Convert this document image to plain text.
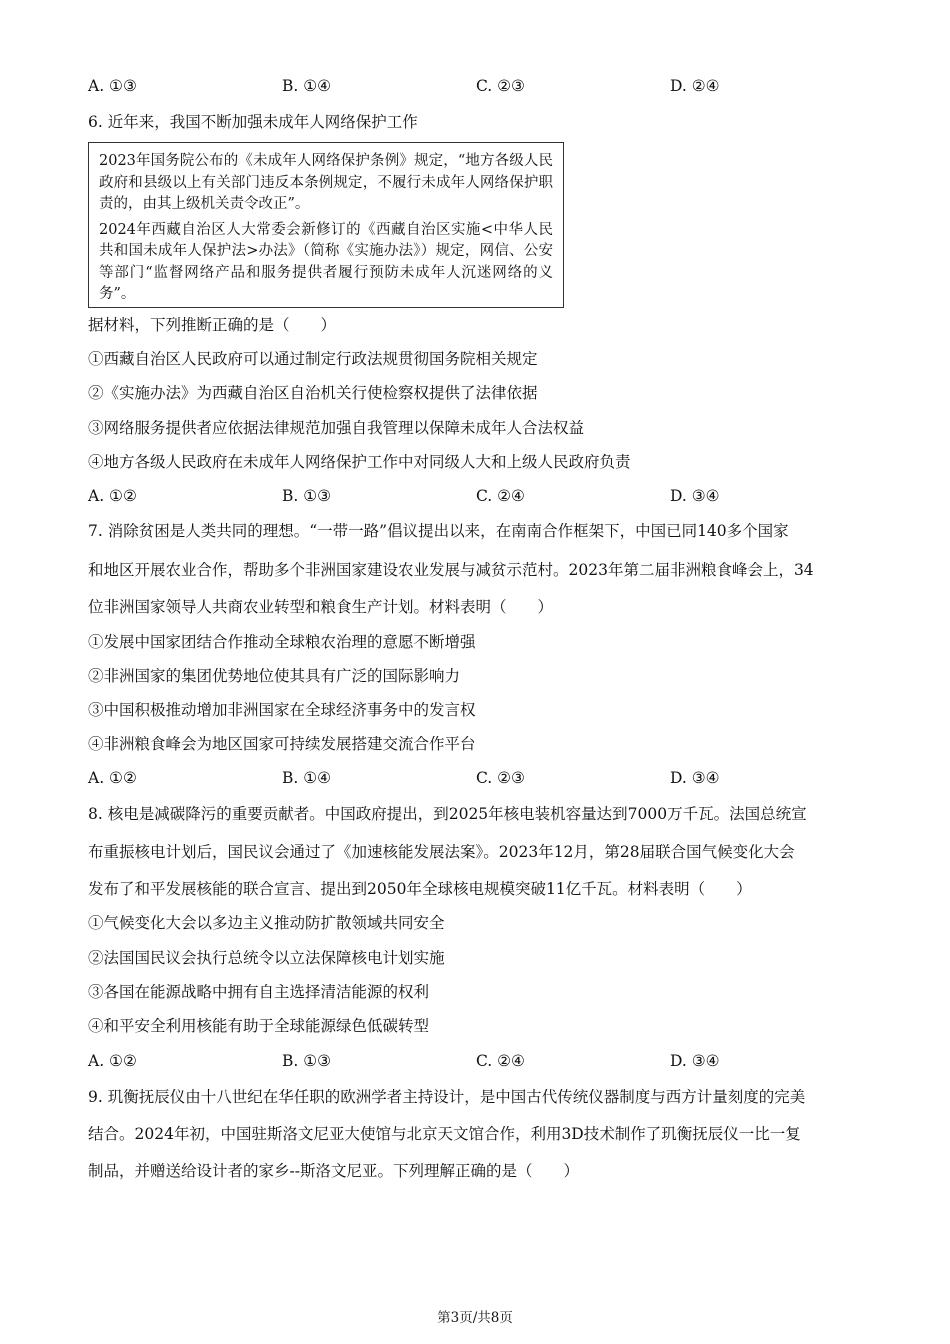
A. ①③	B. ①④	C. ②③	D. ②④
6. 近年来，我国不断加强未成年人网络保护工作

2023年国务院公布的《未成年人网络保护条例》规定，“地方各级人民政府和县级以上有关部门违反本条例规定，不履行未成年人网络保护职责的，由其上级机关责令改正”。

2024年西藏自治区人大常委会新修订的《西藏自治区实施<中华人民共和国未成年人保护法>办法》（简称《实施办法》）规定，网信、公安等部门“监督网络产品和服务提供者履行预防未成年人沉迷网络的义务”。

据材料，下列推断正确的是（　　）
①西藏自治区人民政府可以通过制定行政法规贯彻国务院相关规定
②《实施办法》为西藏自治区自治机关行使检察权提供了法律依据
③网络服务提供者应依据法律规范加强自我管理以保障未成年人合法权益
④地方各级人民政府在未成年人网络保护工作中对同级人大和上级人民政府负责
A. ①②	B. ①③	C. ②④	D. ③④
7. 消除贫困是人类共同的理想。“一带一路”倡议提出以来，在南南合作框架下，中国已同140多个国家
和地区开展农业合作，帮助多个非洲国家建设农业发展与减贫示范村。2023年第二届非洲粮食峰会上，34
位非洲国家领导人共商农业转型和粮食生产计划。材料表明（　　）
①发展中国家团结合作推动全球粮农治理的意愿不断增强
②非洲国家的集团优势地位使其具有广泛的国际影响力
③中国积极推动增加非洲国家在全球经济事务中的发言权
④非洲粮食峰会为地区国家可持续发展搭建交流合作平台
A. ①②	B. ①④	C. ②③	D. ③④
8. 核电是减碳降污的重要贡献者。中国政府提出，到2025年核电装机容量达到7000万千瓦。法国总统宣
布重振核电计划后，国民议会通过了《加速核能发展法案》。2023年12月，第28届联合国气候变化大会
发布了和平发展核能的联合宣言、提出到2050年全球核电规模突破11亿千瓦。材料表明（　　）
①气候变化大会以多边主义推动防扩散领域共同安全
②法国国民议会执行总统令以立法保障核电计划实施
③各国在能源战略中拥有自主选择清洁能源的权利
④和平安全利用核能有助于全球能源绿色低碳转型
A. ①②	B. ①③	C. ②④	D. ③④
9. 玑衡抚辰仪由十八世纪在华任职的欧洲学者主持设计，是中国古代传统仪器制度与西方计量刻度的完美
结合。2024年初，中国驻斯洛文尼亚大使馆与北京天文馆合作，利用3D技术制作了玑衡抚辰仪一比一复
制品，并赠送给设计者的家乡--斯洛文尼亚。下列理解正确的是（　　）
第3页/共8页
